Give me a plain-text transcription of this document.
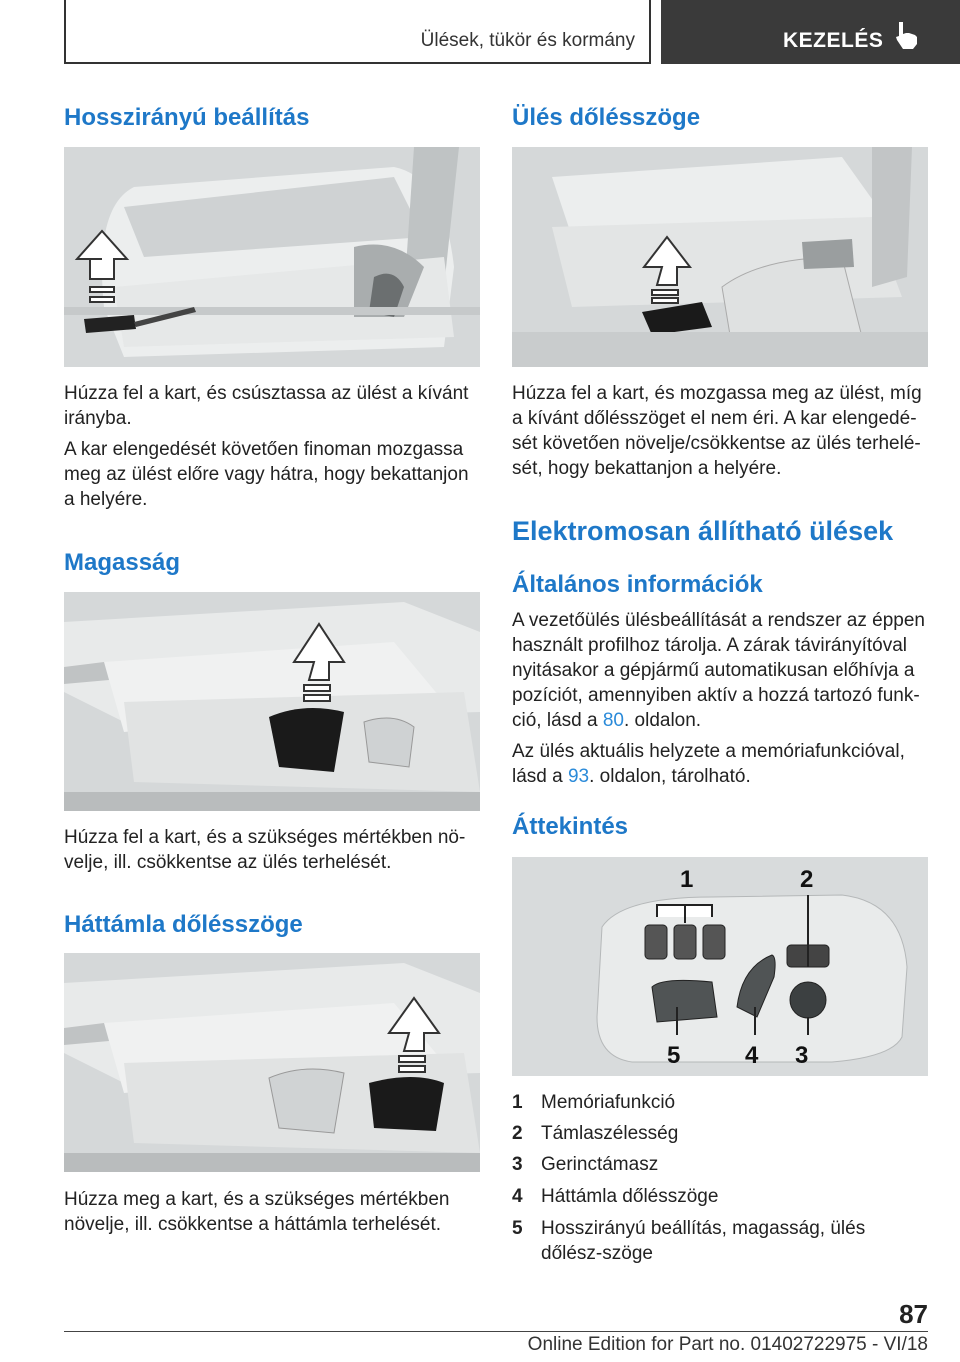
Ülések, tükör és kormány	KEZELÉS
Hosszirányú beállítás

Húzza fel a kart, és csúsztassa az ülést a kívánt irányba.

A kar elengedését követően finoman mozgassa meg az ülést előre vagy hátra, hogy bekattanjon a helyére.

Magasság

Húzza fel a kart, és a szükséges mértékben nö‐velje, ill. csökkentse az ülés terhelését.

Háttámla dőlésszöge

Húzza meg a kart, és a szükséges mértékben növelje, ill. csökkentse a háttámla terhelését.

Ülés dőlésszöge

Húzza fel a kart, és mozgassa meg az ülést, míg a kívánt dőlésszöget el nem éri. A kar elengedé‐sét követően növelje/csökkentse az ülés terhelé‐sét, hogy bekattanjon a helyére.

Elektromosan állítható ülések
Általános információk

A vezetőülés ülésbeállítását a rendszer az éppen használt profilhoz tárolja. A zárak távirányítóval nyitásakor a gépjármű automatikusan előhívja a pozíciót, amennyiben aktív a hozzá tartozó funk‐ció, lásd a 80. oldalon.

Az ülés aktuális helyzete a memóriafunkcióval, lásd a 93. oldalon, tárolható.

Áttekintés
1	2
3
4
5
1 Memóriafunkció
2 Támlaszélesség
3 Gerinctámasz
4 Háttámla dőlésszöge
5 Hosszirányú beállítás, magasság, ülés dőlész‐szöge
87
Online Edition for Part no. 01402722975 - VI/18
